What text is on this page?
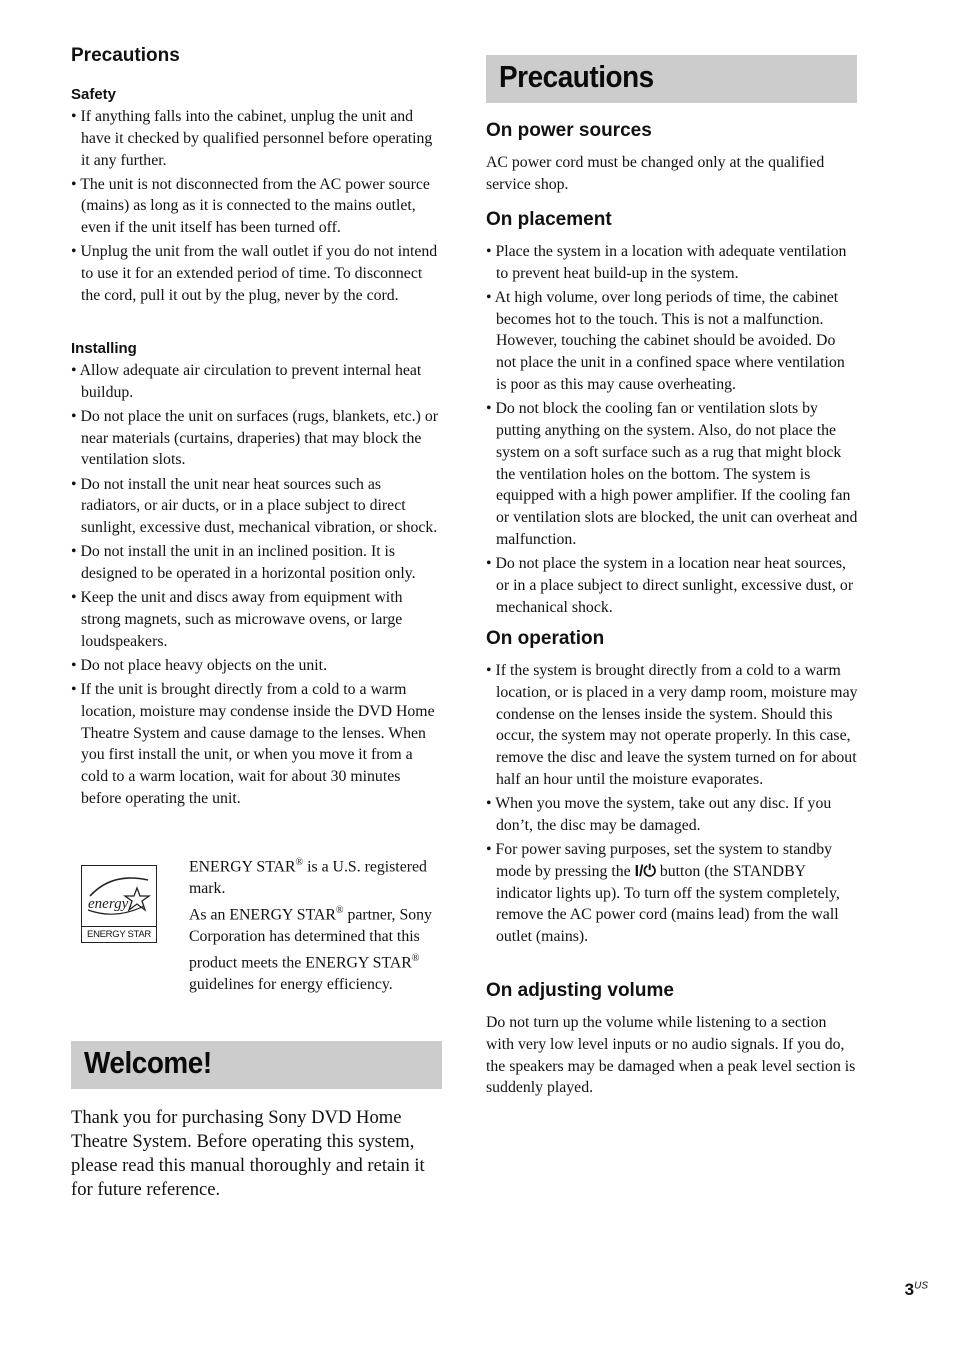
Precautions
Safety
• If anything falls into the cabinet, unplug the unit and have it checked by qualified personnel before operating it any further.
• The unit is not disconnected from the AC power source (mains) as long as it is connected to the mains outlet, even if the unit itself has been turned off.
• Unplug the unit from the wall outlet if you do not intend to use it for an extended period of time. To disconnect the cord, pull it out by the plug, never by the cord.
Installing
• Allow adequate air circulation to prevent internal heat buildup.
• Do not place the unit on surfaces (rugs, blankets, etc.) or near materials (curtains, draperies) that may block the ventilation slots.
• Do not install the unit near heat sources such as radiators, or air ducts, or in a place subject to direct sunlight, excessive dust, mechanical vibration, or shock.
• Do not install the unit in an inclined position. It is designed to be operated in a horizontal position only.
• Keep the unit and discs away from equipment with strong magnets, such as microwave ovens, or large loudspeakers.
• Do not place heavy objects on the unit.
• If the unit is brought directly from a cold to a warm location, moisture may condense inside the DVD Home Theatre System and cause damage to the lenses. When you first install the unit, or when you move it from a cold to a warm location, wait for about 30 minutes before operating the unit.
energy
ENERGY STAR

ENERGY STAR® is a U.S. registered mark.
As an ENERGY STAR® partner, Sony Corporation has determined that this product meets the ENERGY STAR® guidelines for energy efficiency.

Welcome!

Thank you for purchasing Sony DVD Home Theatre System. Before operating this system, please read this manual thoroughly and retain it for future reference.

Precautions
On power sources

AC power cord must be changed only at the qualified service shop.

On placement
• Place the system in a location with adequate ventilation to prevent heat build-up in the system.
• At high volume, over long periods of time, the cabinet becomes hot to the touch. This is not a malfunction. However, touching the cabinet should be avoided. Do not place the unit in a confined space where ventilation is poor as this may cause overheating.
• Do not block the cooling fan or ventilation slots by putting anything on the system. Also, do not place the system on a soft surface such as a rug that might block the ventilation holes on the bottom. The system is equipped with a high power amplifier. If the cooling fan or ventilation slots are blocked, the unit can overheat and malfunction.
• Do not place the system in a location near heat sources, or in a place subject to direct sunlight, excessive dust, or mechanical shock.
On operation
• If the system is brought directly from a cold to a warm location, or is placed in a very damp room, moisture may condense on the lenses inside the system. Should this occur, the system may not operate properly. In this case, remove the disc and leave the system turned on for about half an hour until the moisture evaporates.
• When you move the system, take out any disc. If you don’t, the disc may be damaged.
• For power saving purposes, set the system to standby mode by pressing the I/⏻ button (the STANDBY indicator lights up). To turn off the system completely, remove the AC power cord (mains lead) from the wall outlet (mains).
On adjusting volume

Do not turn up the volume while listening to a section with very low level inputs or no audio signals. If you do, the speakers may be damaged when a peak level section is suddenly played.

$3^{US}$
